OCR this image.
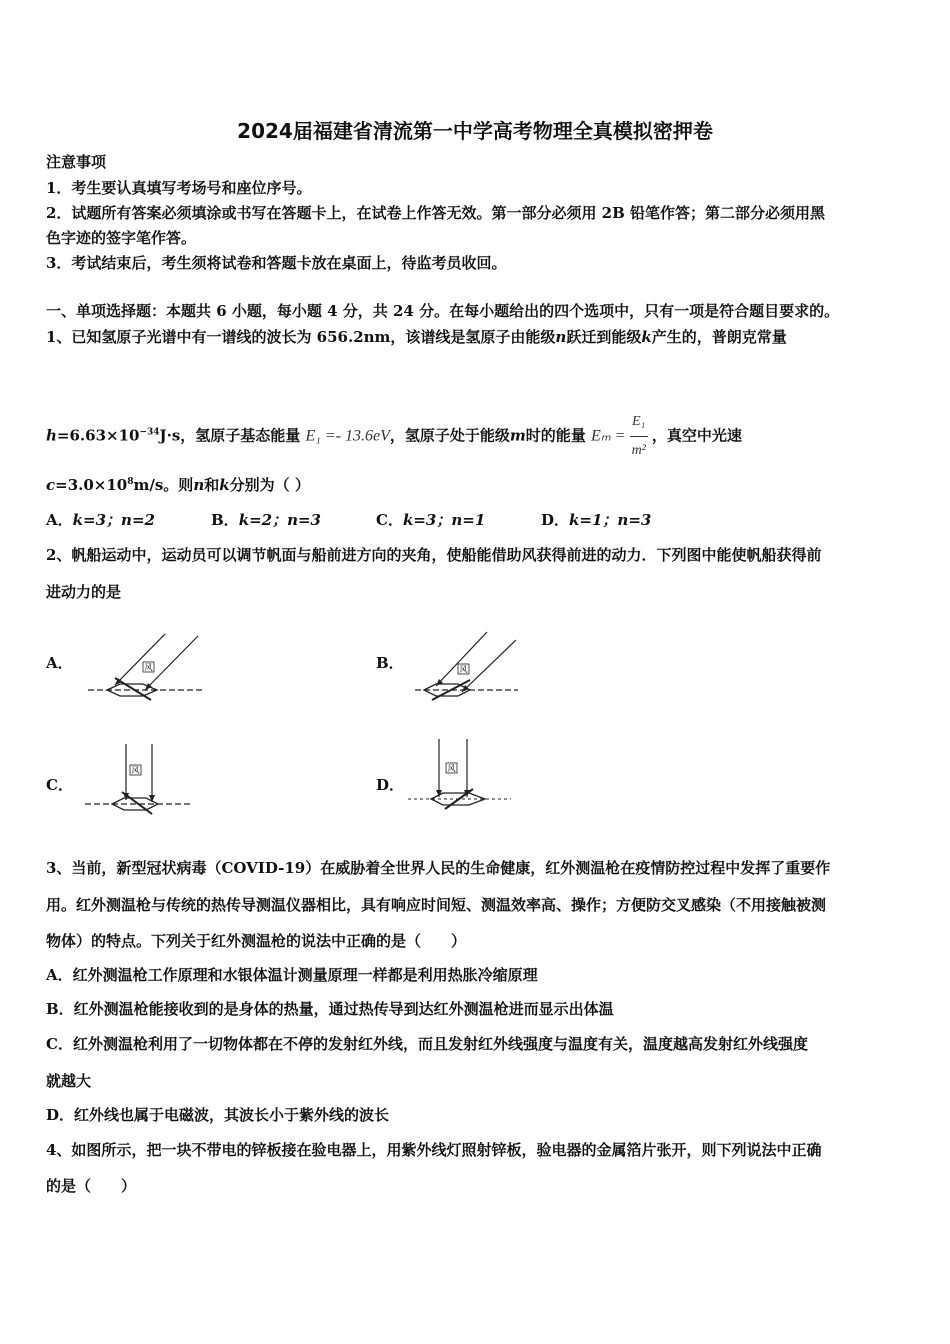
2024届福建省清流第一中学高考物理全真模拟密押卷
注意事项
1．考生要认真填写考场号和座位序号。
2．试题所有答案必须填涂或书写在答题卡上，在试卷上作答无效。第一部分必须用 2B 铅笔作答；第二部分必须用黑
色字迹的签字笔作答。
3．考试结束后，考生须将试卷和答题卡放在桌面上，待监考员收回。
一、单项选择题：本题共 6 小题，每小题 4 分，共 24 分。在每小题给出的四个选项中，只有一项是符合题目要求的。
1、已知氢原子光谱中有一谱线的波长为 656.2nm，该谱线是氢原子由能级n跃迁到能级k产生的，普朗克常量
$h=6.63\times 10^{-34}J\cdot s$，氢原子基态能量 E₁ =- 13.6eV，氢原子处于能级m时的能量 $E_m = \frac{\text{E₁}}{\text{m²}}$ ，真空中光速
$c=3.0\times 10^8m/s$。则n和k分别为（ ）
A．k=3；n=2	B．k=2；n=3	C．k=3；n=1	D．k=1；n=3
2、帆船运动中，运动员可以调节帆面与船前进方向的夹角，使船能借助风获得前进的动力．下列图中能使帆船获得前
进动力的是
A．	B．
C．	D．
风	风
风	风
3、当前，新型冠状病毒（COVID-19）在威胁着全世界人民的生命健康，红外测温枪在疫情防控过程中发挥了重要作
用。红外测温枪与传统的热传导测温仪器相比，具有响应时间短、测温效率高、操作；方便防交叉感染（不用接触被测
物体）的特点。下列关于红外测温枪的说法中正确的是（　　）
A．红外测温枪工作原理和水银体温计测量原理一样都是利用热胀冷缩原理
B．红外测温枪能接收到的是身体的热量，通过热传导到达红外测温枪进而显示出体温
C．红外测温枪利用了一切物体都在不停的发射红外线，而且发射红外线强度与温度有关，温度越高发射红外线强度
就越大
D．红外线也属于电磁波，其波长小于紫外线的波长
4、如图所示，把一块不带电的锌板接在验电器上，用紫外线灯照射锌板，验电器的金属箔片张开，则下列说法中正确
的是（　　）
